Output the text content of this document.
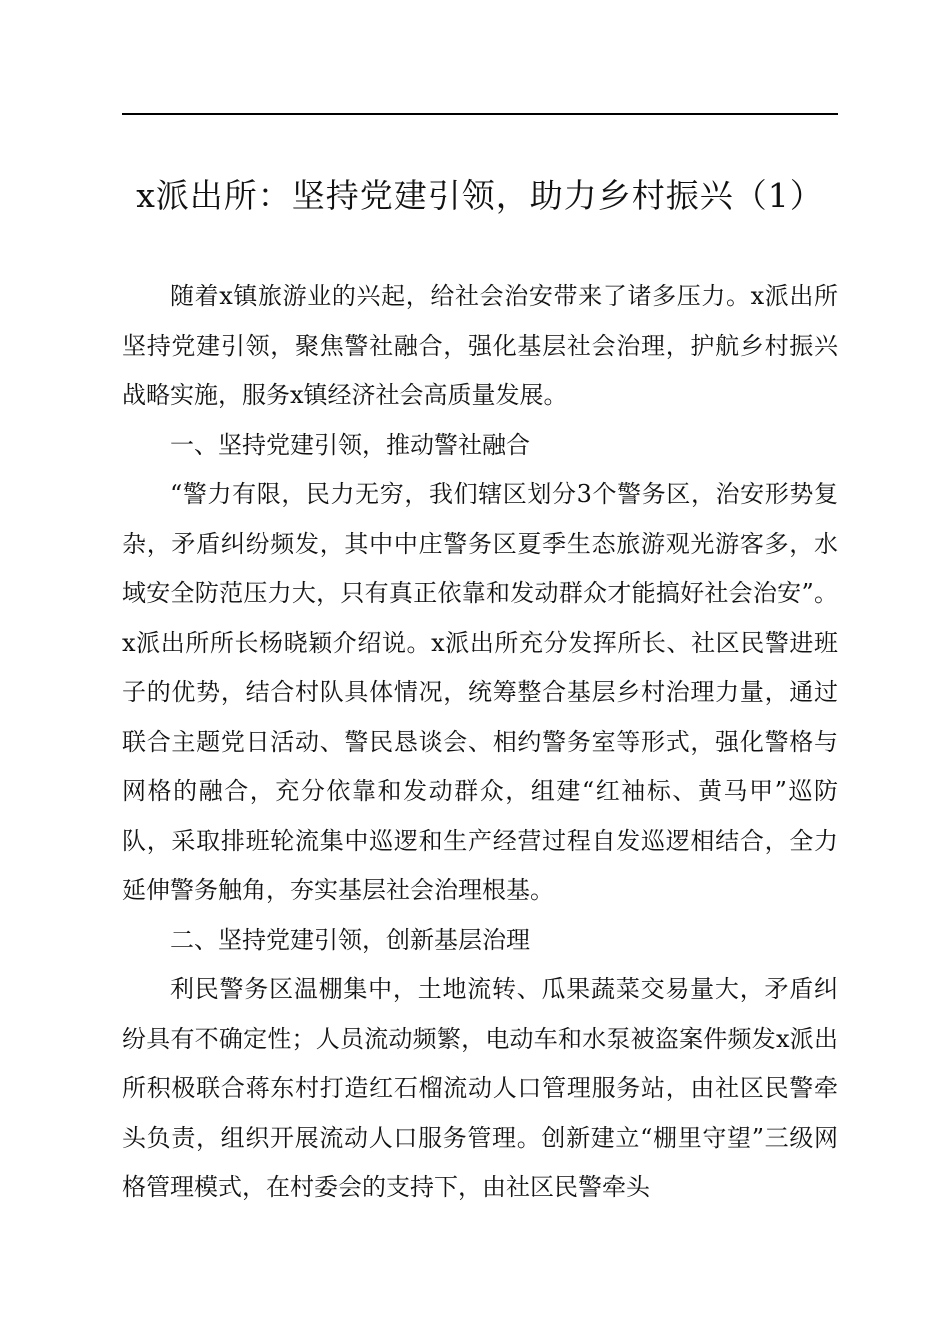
x派出所：坚持党建引领，助力乡村振兴（1）

随着x镇旅游业的兴起，给社会治安带来了诸多压力。x派出所坚持党建引领，聚焦警社融合，强化基层社会治理，护航乡村振兴战略实施，服务x镇经济社会高质量发展。

一、坚持党建引领，推动警社融合

“警力有限，民力无穷，我们辖区划分3个警务区，治安形势复杂，矛盾纠纷频发，其中中庄警务区夏季生态旅游观光游客多，水域安全防范压力大，只有真正依靠和发动群众才能搞好社会治安”。x派出所所长杨晓颖介绍说。x派出所充分发挥所长、社区民警进班子的优势，结合村队具体情况，统筹整合基层乡村治理力量，通过联合主题党日活动、警民恳谈会、相约警务室等形式，强化警格与网格的融合，充分依靠和发动群众，组建“红袖标、黄马甲”巡防队，采取排班轮流集中巡逻和生产经营过程自发巡逻相结合，全力延伸警务触角，夯实基层社会治理根基。

二、坚持党建引领，创新基层治理

利民警务区温棚集中，土地流转、瓜果蔬菜交易量大，矛盾纠纷具有不确定性；人员流动频繁，电动车和水泵被盗案件频发x派出所积极联合蒋东村打造红石榴流动人口管理服务站，由社区民警牵头负责，组织开展流动人口服务管理。创新建立“棚里守望”三级网格管理模式，在村委会的支持下，由社区民警牵头
